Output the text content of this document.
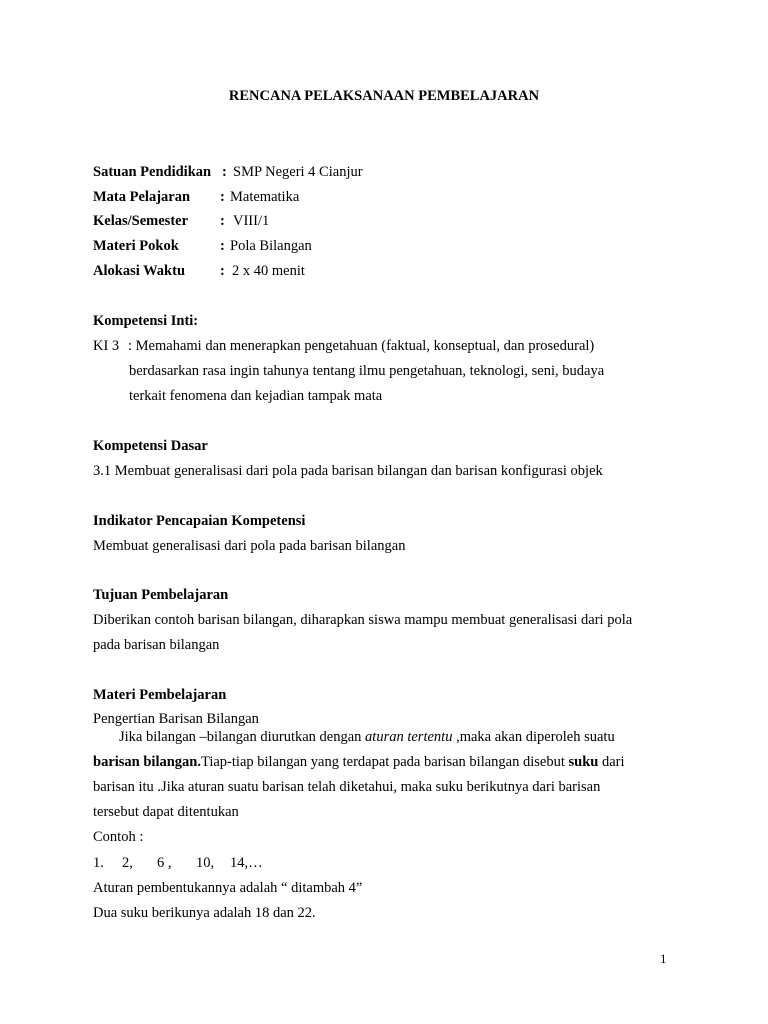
RENCANA PELAKSANAAN PEMBELAJARAN
Satuan Pendidikan : SMP Negeri 4 Cianjur
Mata Pelajaran : Matematika
Kelas/Semester : VIII/1
Materi Pokok	: Pola Bilangan
Alokasi Waktu : 2 x 40 menit
Kompetensi Inti:
KI 3 : Memahami dan menerapkan pengetahuan (faktual, konseptual, dan prosedural)
berdasarkan rasa ingin tahunya tentang ilmu pengetahuan, teknologi, seni, budaya
terkait fenomena dan kejadian tampak mata
Kompetensi Dasar
3.1 Membuat generalisasi dari pola pada barisan bilangan dan barisan konfigurasi objek
Indikator Pencapaian Kompetensi
Membuat generalisasi dari pola pada barisan bilangan
Tujuan Pembelajaran
Diberikan contoh barisan bilangan, diharapkan siswa mampu membuat generalisasi dari pola
pada barisan bilangan
Materi Pembelajaran
Pengertian Barisan Bilangan
Jika bilangan –bilangan diurutkan dengan aturan tertentu ,maka akan diperoleh suatu
barisan bilangan.Tiap-tiap bilangan yang terdapat pada barisan bilangan disebut suku dari
barisan itu .Jika aturan suatu barisan telah diketahui, maka suku berikutnya dari barisan
tersebut dapat ditentukan
Contoh :
1. 2, 6 , 10, 14,…
Aturan pembentukannya adalah “ ditambah 4”
Dua suku berikunya adalah 18 dan 22.
1
